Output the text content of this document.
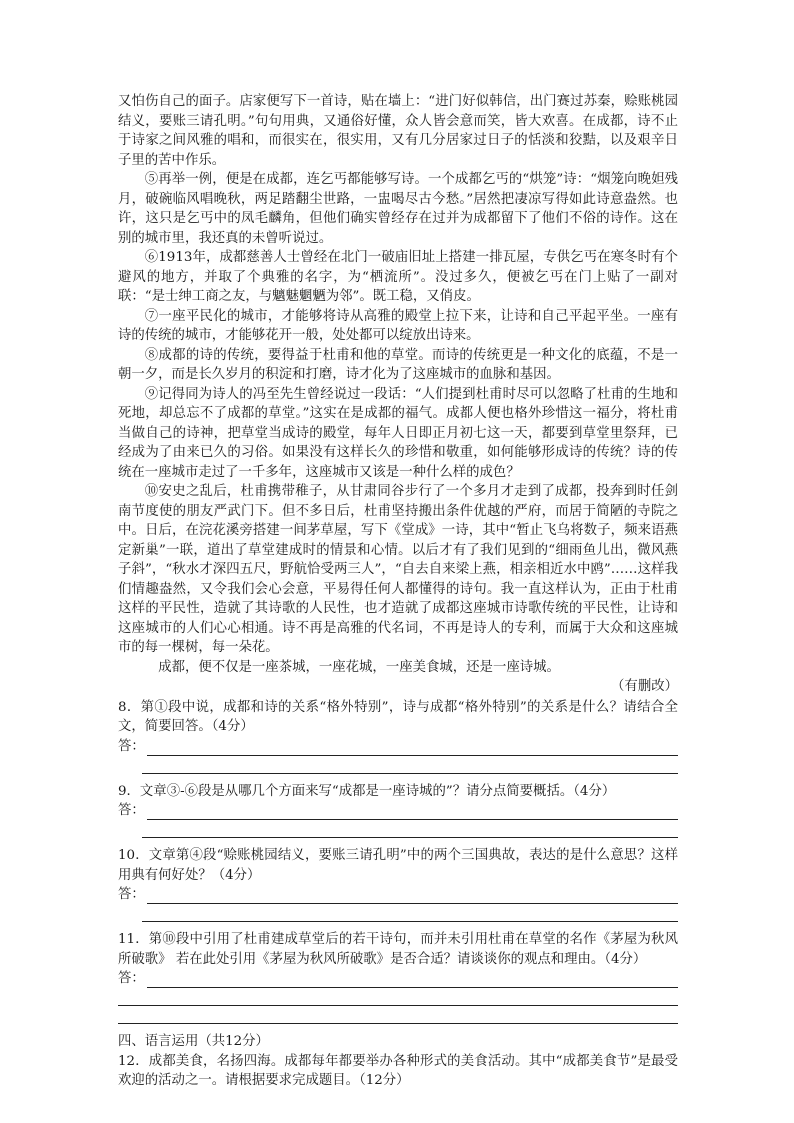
又怕伤自己的面子。店家便写下一首诗，贴在墙上：“进门好似韩信，出门赛过苏秦，赊账桃园结义，要账三请孔明。”句句用典，又通俗好懂，众人皆会意而笑，皆大欢喜。在成都，诗不止于诗家之间风雅的唱和，而很实在，很实用，又有几分居家过日子的恬淡和狡黠，以及艰辛日子里的苦中作乐。

⑤再举一例，便是在成都，连乞丐都能够写诗。一个成都乞丐的“烘笼”诗：“烟笼向晚妲残月，破碗临风唱晚秋，两足踏翻尘世路，一盅喝尽古今愁。”居然把凄凉写得如此诗意盎然。也许，这只是乞丐中的凤毛麟角，但他们确实曾经存在过并为成都留下了他们不俗的诗作。这在别的城市里，我还真的未曾听说过。

⑥1913年，成都慈善人士曾经在北门一破庙旧址上搭建一排瓦屋，专供乞丐在寒冬时有个避风的地方，并取了个典雅的名字，为“栖流所”。没过多久，便被乞丐在门上贴了一副对联：“是士绅工商之友，与魑魅魍魉为邻”。既工稳，又俏皮。

⑦一座平民化的城市，才能够将诗从高雅的殿堂上拉下来，让诗和自己平起平坐。一座有诗的传统的城市，才能够花开一般，处处都可以绽放出诗来。

⑧成都的诗的传统，要得益于杜甫和他的草堂。而诗的传统更是一种文化的底蕴，不是一朝一夕，而是长久岁月的积淀和打磨，诗才化为了这座城市的血脉和基因。

⑨记得同为诗人的冯至先生曾经说过一段话：“人们提到杜甫时尽可以忽略了杜甫的生地和死地，却总忘不了成都的草堂。”这实在是成都的福气。成都人便也格外珍惜这一福分，将杜甫当做自己的诗神，把草堂当成诗的殿堂，每年人日即正月初七这一天，都要到草堂里祭拜，已经成为了由来已久的习俗。如果没有这样长久的珍惜和敬重，如何能够形成诗的传统？诗的传统在一座城市走过了一千多年，这座城市又该是一种什么样的成色？

⑩安史之乱后，杜甫携带稚子，从甘肃同谷步行了一个多月才走到了成都，投奔到时任剑南节度使的朋友严武门下。但不多日后，杜甫坚持搬出条件优越的严府，而居于简陋的寺院之中。日后，在浣花溪旁搭建一间茅草屋，写下《堂成》一诗，其中“暂止飞乌将数子，频来语燕定新巢”一联，道出了草堂建成时的情景和心情。以后才有了我们见到的“细雨鱼儿出，微风燕子斜”，“秋水才深四五尺，野航恰受两三人”，“自去自来梁上燕，相亲相近水中鸥”……这样我们情趣盎然，又令我们会心会意，平易得任何人都懂得的诗句。我一直这样认为，正由于杜甫这样的平民性，造就了其诗歌的人民性，也才造就了成都这座城市诗歌传统的平民性，让诗和这座城市的人们心心相通。诗不再是高雅的代名词，不再是诗人的专利，而属于大众和这座城市的每一棵树，每一朵花。

成都，便不仅是一座茶城，一座花城，一座美食城，还是一座诗城。

（有删改）

8．第①段中说，成都和诗的关系“格外特别”，诗与成都“格外特别”的关系是什么？请结合全文，简要回答。（4分）

答：

9．文章③-⑥段是从哪几个方面来写“成都是一座诗城的”？请分点简要概括。（4分）

答：

10．文章第④段“赊账桃园结义，要账三请孔明”中的两个三国典故，表达的是什么意思？这样用典有何好处？（4分）

答：

11．第⑩段中引用了杜甫建成草堂后的若干诗句，而并未引用杜甫在草堂的名作《茅屋为秋风所破歌》 若在此处引用《茅屋为秋风所破歌》是否合适？请谈谈你的观点和理由。（4分）

答：

四、语言运用（共12分）

12．成都美食，名扬四海。成都每年都要举办各种形式的美食活动。其中“成都美食节”是最受欢迎的活动之一。请根据要求完成题目。（12分）
